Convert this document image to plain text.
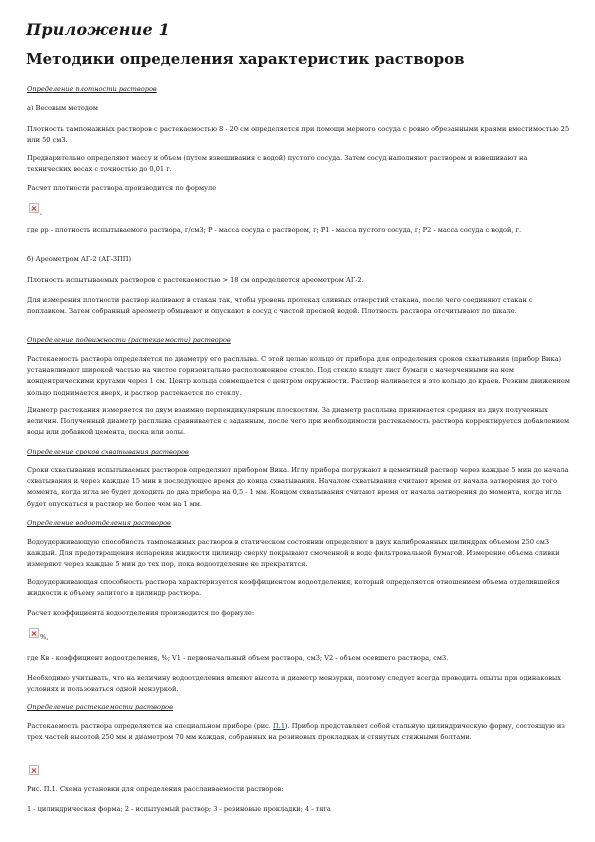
Приложение 1
Методики определения характеристик растворов
Определение плотности растворов
а) Весовым методом
Плотность тампонажных растворов с растекаемостью 8 - 20 см определяется при помощи мерного сосуда с ровно обрезанными краями вместимостью 25 или 50 см3.
Предварительно определяют массу и объем (путем взвешивания с водой) пустого сосуда. Затем сосуд наполняют раствором и взвешивают на технических весах с точностью до 0,01 г.
Расчет плотности раствора производится по формуле
,
где ρр - плотность испытываемого раствора, г/см3; Р - масса сосуда с раствором, г; Р1 - масса пустого сосуда, г; Р2 - масса сосуда с водой, г.
б) Ареометром АГ-2 (АГ-3ПП)
Плотность испытываемых растворов с растекаемостью > 18 см определяется ареометром АГ-2.
Для измерения плотности раствор наливают в стакан так, чтобы уровень протекал сливных отверстий стакана, после чего соединяют стакан с поплавком. Затем собранный ареометр обмывают и опускают в сосуд с чистой пресной водой. Плотность раствора отсчитывают по шкале.
Определение подвижности (растекаемости) растворов
Растекаемость раствора определяется по диаметру его расплыва. С этой целью кольцо от прибора для определения сроков схватывания (прибор Вика) устанавливают широкой частью на чистое горизонтально расположенное стекло. Под стекло кладут лист бумаги с начерченными на нем концентрическими кругами через 1 см. Центр кольца совмещается с центром окружности. Раствор наливается в это кольцо до краев. Резким движением кольцо поднимается вверх, и раствор растекается по стеклу.
Диаметр растекания измеряется по двум взаимно перпендикулярным плоскостям. За диаметр расплыва принимается средняя из двух полученных величин. Полученный диаметр расплыва сравнивается с заданным, после чего при необходимости растекаемость раствора корректируется добавлением воды или добавкой цемента, песка или золы.
Определение сроков схватывания растворов
Сроки схватывания испытываемых растворов определяют прибором Вика. Иглу прибора погружают в цементный раствор через каждые 5 мин до начала схватывания и через каждые 15 мин в последующее время до конца схватывания. Началом схватывания считают время от начала затворения до того момента, когда игла не будет доходить до дна прибора на 0,5 - 1 мм. Концом схватывания считают время от начала затворения до момента, когда игла будет опускаться в раствор не более чем на 1 мм.
Определение водоотделения растворов
Водоудерживающую способность тампонажных растворов в статическом состоянии определяют в двух калиброванных цилиндрах объемом 250 см3 каждый. Для предотвращения испарения жидкости цилиндр сверху покрывают смоченной в воде фильтровальной бумагой. Измерение объема сливки измеряют через каждые 5 мин до тех пор, пока водоотделение не прекратится.
Водоудерживающая способность раствора характеризуется коэффициентом водоотделения, который определяется отношением объема отделившейся жидкости к объему залитого в цилиндр раствора.
Расчет коэффициента водоотделения производится по формуле:
%,
где Кв - коэффициент водоотделения, %; V1 - первоначальный объем раствора, см3; V2 - объем осевшего раствора, см3.
Необходимо учитывать, что на величину водоотделения влияют высота и диаметр мензурки, поэтому следует всегда проводить опыты при одинаковых условиях и пользоваться одной мензуркой.
Определение растекаемости растворов
Растекаемость раствора определяется на специальном приборе (рис. П.1). Прибор представляет собой стальную цилиндрическую форму, состоящую из трех частей высотой 250 мм и диаметром 70 мм каждая, собранных на резиновых прокладках и стянутых стяжными болтами.
Рис. П.1. Схема установки для определения расслаиваемости растворов:
1 - цилиндрическая форма; 2 - испытуемый раствор; 3 - резиновые прокладки; 4 - тяга
